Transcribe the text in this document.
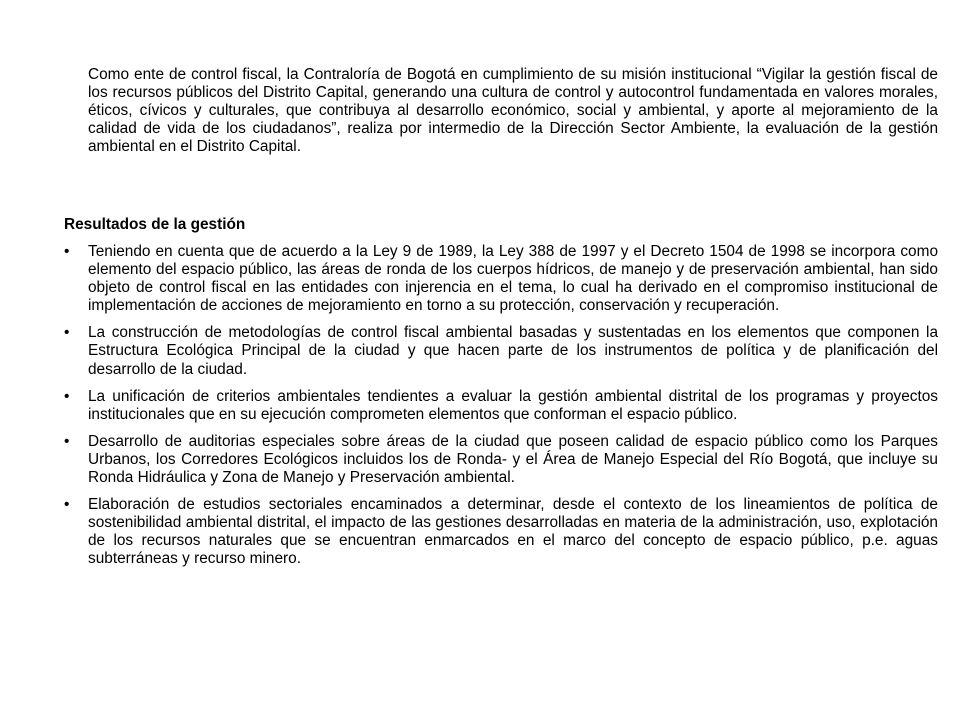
Como ente de control fiscal, la Contraloría de Bogotá en cumplimiento de su misión institucional “Vigilar la gestión fiscal de los recursos públicos del Distrito Capital, generando una cultura de control y autocontrol fundamentada en valores morales, éticos, cívicos y culturales, que contribuya al desarrollo económico, social y ambiental, y aporte al mejoramiento de la calidad de vida de los ciudadanos”, realiza por intermedio de la Dirección Sector Ambiente, la evaluación de la gestión ambiental en el Distrito Capital.

Resultados de la gestión

•	Teniendo en cuenta que de acuerdo a la Ley 9 de 1989, la Ley 388 de 1997 y el Decreto 1504 de 1998 se incorpora como elemento del espacio público, las áreas de ronda de los cuerpos hídricos, de manejo y de preservación ambiental, han sido objeto de control fiscal en las entidades con injerencia en el tema, lo cual ha derivado en el compromiso institucional de implementación de acciones de mejoramiento en torno a su protección, conservación y recuperación.
•	La construcción de metodologías de control fiscal ambiental basadas y sustentadas en los elementos que componen la Estructura Ecológica Principal de la ciudad y que hacen parte de los instrumentos de política y de planificación del desarrollo de la ciudad.
•	La unificación de criterios ambientales tendientes a evaluar la gestión ambiental distrital de los programas y proyectos institucionales que en su ejecución comprometen elementos que conforman el espacio público.
•	Desarrollo de auditorias especiales sobre áreas de la ciudad que poseen calidad de espacio público como los Parques Urbanos, los Corredores Ecológicos incluidos los de Ronda- y el Área de Manejo Especial del Río Bogotá, que incluye su Ronda Hidráulica y Zona de Manejo y Preservación ambiental.
•	Elaboración de estudios sectoriales encaminados a determinar, desde el contexto de los lineamientos de política de sostenibilidad ambiental distrital, el impacto de las gestiones desarrolladas en materia de la administración, uso, explotación de los recursos naturales que se encuentran enmarcados en el marco del concepto de espacio público, p.e. aguas subterráneas y recurso minero.
